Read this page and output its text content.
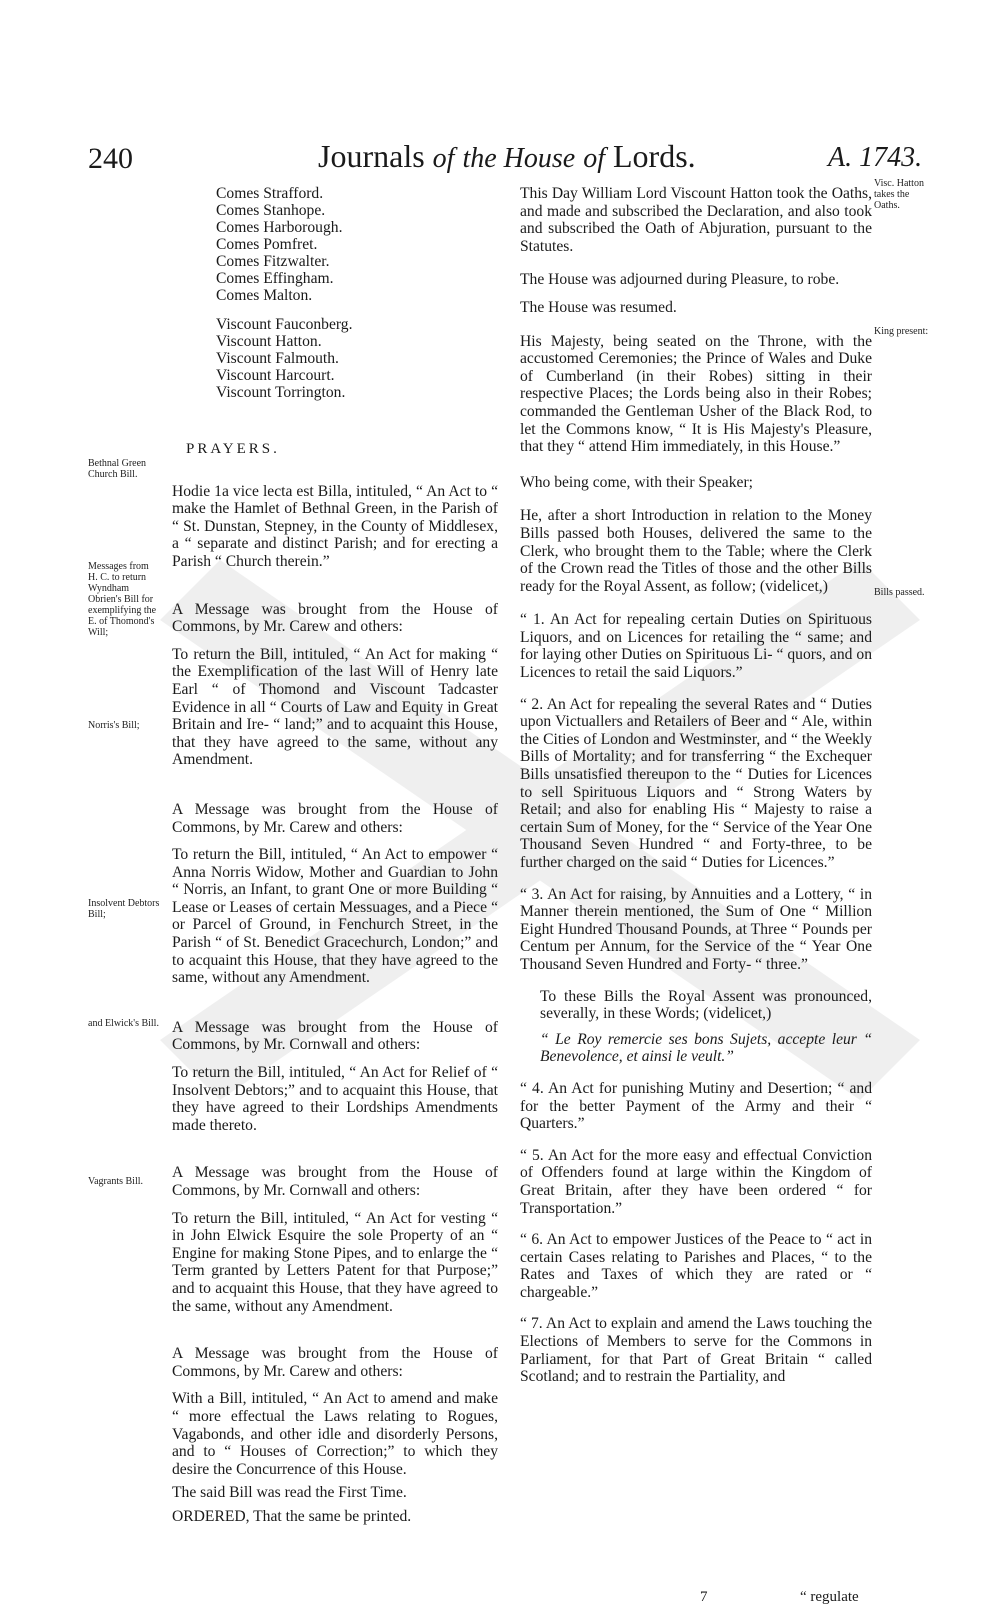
240	Journals of the House of Lords.	A. 1743.
Bethnal Green Church Bill.
Messages from H. C. to return Wyndham Obrien's Bill for exemplifying the E. of Thomond's Will;
Norris's Bill;
Insolvent Debtors Bill;
and Elwick's Bill.
Vagrants Bill.
Visc. Hatton takes the Oaths.
King present:
Bills passed.
Comes Strafford.
Comes Stanhope.
Comes Harborough.
Comes Pomfret.
Comes Fitzwalter.
Comes Effingham.
Comes Malton.
Viscount Fauconberg.
Viscount Hatton.
Viscount Falmouth.
Viscount Harcourt.
Viscount Torrington.
PRAYERS.

Hodie 1a vice lecta est Billa, intituled, “ An Act to “ make the Hamlet of Bethnal Green, in the Parish of “ St. Dunstan, Stepney, in the County of Middlesex, a “ separate and distinct Parish; and for erecting a Parish “ Church therein.”

A Message was brought from the House of Commons, by Mr. Carew and others:

To return the Bill, intituled, “ An Act for making “ the Exemplification of the last Will of Henry late Earl “ of Thomond and Viscount Tadcaster Evidence in all “ Courts of Law and Equity in Great Britain and Ire- “ land;” and to acquaint this House, that they have agreed to the same, without any Amendment.

A Message was brought from the House of Commons, by Mr. Carew and others:

To return the Bill, intituled, “ An Act to empower “ Anna Norris Widow, Mother and Guardian to John “ Norris, an Infant, to grant One or more Building “ Lease or Leases of certain Messuages, and a Piece “ or Parcel of Ground, in Fenchurch Street, in the Parish “ of St. Benedict Gracechurch, London;” and to acquaint this House, that they have agreed to the same, without any Amendment.

A Message was brought from the House of Commons, by Mr. Cornwall and others:

To return the Bill, intituled, “ An Act for Relief of “ Insolvent Debtors;” and to acquaint this House, that they have agreed to their Lordships Amendments made thereto.

A Message was brought from the House of Commons, by Mr. Cornwall and others:

To return the Bill, intituled, “ An Act for vesting “ in John Elwick Esquire the sole Property of an “ Engine for making Stone Pipes, and to enlarge the “ Term granted by Letters Patent for that Purpose;” and to acquaint this House, that they have agreed to the same, without any Amendment.

A Message was brought from the House of Commons, by Mr. Carew and others:

With a Bill, intituled, “ An Act to amend and make “ more effectual the Laws relating to Rogues, Vagabonds, and other idle and disorderly Persons, and to “ Houses of Correction;” to which they desire the Concurrence of this House.

The said Bill was read the First Time.

ORDERED, That the same be printed.

This Day William Lord Viscount Hatton took the Oaths, and made and subscribed the Declaration, and also took and subscribed the Oath of Abjuration, pursuant to the Statutes.

The House was adjourned during Pleasure, to robe.

The House was resumed.

His Majesty, being seated on the Throne, with the accustomed Ceremonies; the Prince of Wales and Duke of Cumberland (in their Robes) sitting in their respective Places; the Lords being also in their Robes; commanded the Gentleman Usher of the Black Rod, to let the Commons know, “ It is His Majesty's Pleasure, that they “ attend Him immediately, in this House.”

Who being come, with their Speaker;

He, after a short Introduction in relation to the Money Bills passed both Houses, delivered the same to the Clerk, who brought them to the Table; where the Clerk of the Crown read the Titles of those and the other Bills ready for the Royal Assent, as follow; (videlicet,)

“ 1. An Act for repealing certain Duties on Spirituous Liquors, and on Licences for retailing the “ same; and for laying other Duties on Spirituous Li- “ quors, and on Licences to retail the said Liquors.”

“ 2. An Act for repealing the several Rates and “ Duties upon Victuallers and Retailers of Beer and “ Ale, within the Cities of London and Westminster, and “ the Weekly Bills of Mortality; and for transferring “ the Exchequer Bills unsatisfied thereupon to the “ Duties for Licences to sell Spirituous Liquors and “ Strong Waters by Retail; and also for enabling His “ Majesty to raise a certain Sum of Money, for the “ Service of the Year One Thousand Seven Hundred “ and Forty-three, to be further charged on the said “ Duties for Licences.”

“ 3. An Act for raising, by Annuities and a Lottery, “ in Manner therein mentioned, the Sum of One “ Million Eight Hundred Thousand Pounds, at Three “ Pounds per Centum per Annum, for the Service of the “ Year One Thousand Seven Hundred and Forty- “ three.”

To these Bills the Royal Assent was pronounced, severally, in these Words; (videlicet,)

“ Le Roy remercie ses bons Sujets, accepte leur “ Benevolence, et ainsi le veult.”

“ 4. An Act for punishing Mutiny and Desertion; “ and for the better Payment of the Army and their “ Quarters.”

“ 5. An Act for the more easy and effectual Conviction of Offenders found at large within the Kingdom of Great Britain, after they have been ordered “ for Transportation.”

“ 6. An Act to empower Justices of the Peace to “ act in certain Cases relating to Parishes and Places, “ to the Rates and Taxes of which they are rated or “ chargeable.”

“ 7. An Act to explain and amend the Laws touching the Elections of Members to serve for the Commons in Parliament, for that Part of Great Britain “ called Scotland; and to restrain the Partiality, and

7	“ regulate
